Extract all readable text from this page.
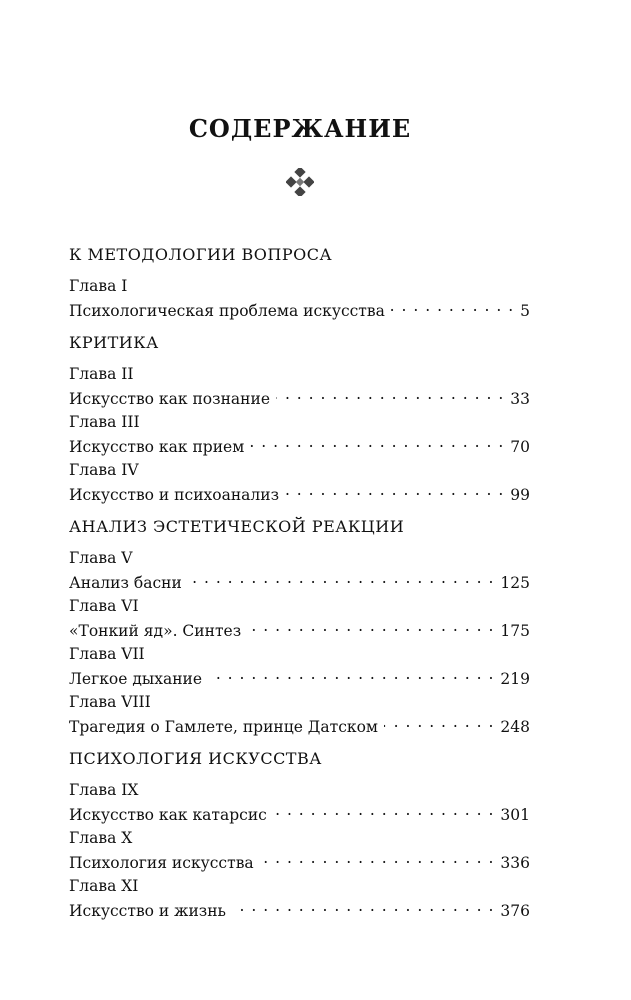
СОДЕРЖАНИЕ
К МЕТОДОЛОГИИ ВОПРОСА
Глава I
Психологическая проблема искусства . . .	5
КРИТИКА
Глава II
Искусство как познание . . .	33
Глава III
Искусство как прием . . .	70
Глава IV
Искусство и психоанализ . . .	99
АНАЛИЗ ЭСТЕТИЧЕСКОЙ РЕАКЦИИ
Глава V
Анализ басни . . .	125
Глава VI
«Тонкий яд». Синтез . . .	175
Глава VII
Легкое дыхание . . .	219
Глава VIII
Трагедия о Гамлете, принце Датском . . .	248
ПСИХОЛОГИЯ ИСКУССТВА
Глава IX
Искусство как катарсис . . .	301
Глава X
Психология искусства . . .	336
Глава XI
Искусство и жизнь . . .	376
